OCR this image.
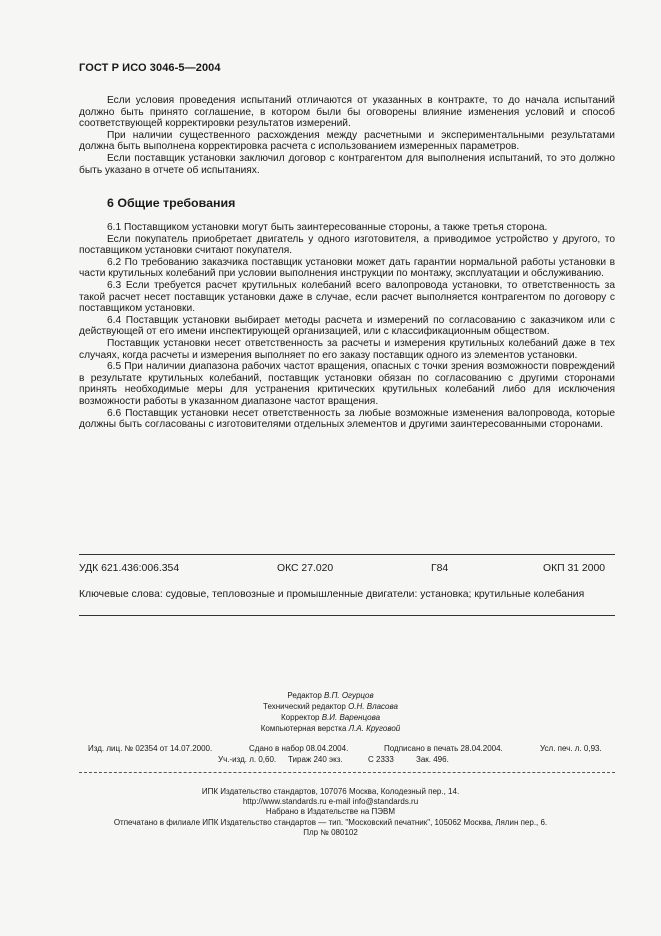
ГОСТ Р ИСО 3046-5—2004

Если условия проведения испытаний отличаются от указанных в контракте, то до начала испытаний должно быть принято соглашение, в котором были бы оговорены влияние изменения условий и способ соответствующей корректировки результатов измерений.

При наличии существенного расхождения между расчетными и экспериментальными результатами должна быть выполнена корректировка расчета с использованием измеренных параметров.

Если поставщик установки заключил договор с контрагентом для выполнения испытаний, то это должно быть указано в отчете об испытаниях.

6 Общие требования

6.1 Поставщиком установки могут быть заинтересованные стороны, а также третья сторона.

Если покупатель приобретает двигатель у одного изготовителя, а приводимое устройство у другого, то поставщиком установки считают покупателя.

6.2 По требованию заказчика поставщик установки может дать гарантии нормальной работы установки в части крутильных колебаний при условии выполнения инструкции по монтажу, эксплуатации и обслуживанию.

6.3 Если требуется расчет крутильных колебаний всего валопровода установки, то ответственность за такой расчет несет поставщик установки даже в случае, если расчет выполняется контрагентом по договору с поставщиком установки.

6.4 Поставщик установки выбирает методы расчета и измерений по согласованию с заказчиком или с действующей от его имени инспектирующей организацией, или с классификационным обществом.

Поставщик установки несет ответственность за расчеты и измерения крутильных колебаний даже в тех случаях, когда расчеты и измерения выполняет по его заказу поставщик одного из элементов установки.

6.5 При наличии диапазона рабочих частот вращения, опасных с точки зрения возможности повреждений в результате крутильных колебаний, поставщик установки обязан по согласованию с другими сторонами принять необходимые меры для устранения критических крутильных колебаний либо для исключения возможности работы в указанном диапазоне частот вращения.

6.6 Поставщик установки несет ответственность за любые возможные изменения валопровода, которые должны быть согласованы с изготовителями отдельных элементов и другими заинтересованными сторонами.

УДК 621.436:006.354	ОКС 27.020	Г84	ОКП 31 2000
Ключевые слова: судовые, тепловозные и промышленные двигатели: установка; крутильные колебания
Редактор В.П. Огурцов
Технический редактор О.Н. Власова
Корректор В.И. Варенцова
Компьютерная верстка Л.А. Круговой
Изд. лиц. № 02354 от 14.07.2000.	Сдано в набор 08.04.2004.	Подписано в печать 28.04.2004.	Усл. печ. л. 0,93.
Уч.-изд. л. 0,60. Тираж 240 экз.	С 2333	Зак. 496.
ИПК Издательство стандартов, 107076 Москва, Колодезный пер., 14.
http://www.standards.ru e-mail info@standards.ru
Набрано в Издательстве на ПЭВМ
Отпечатано в филиале ИПК Издательство стандартов — тип. "Московский печатник", 105062 Москва, Лялин пер., 6.
Плр № 080102
